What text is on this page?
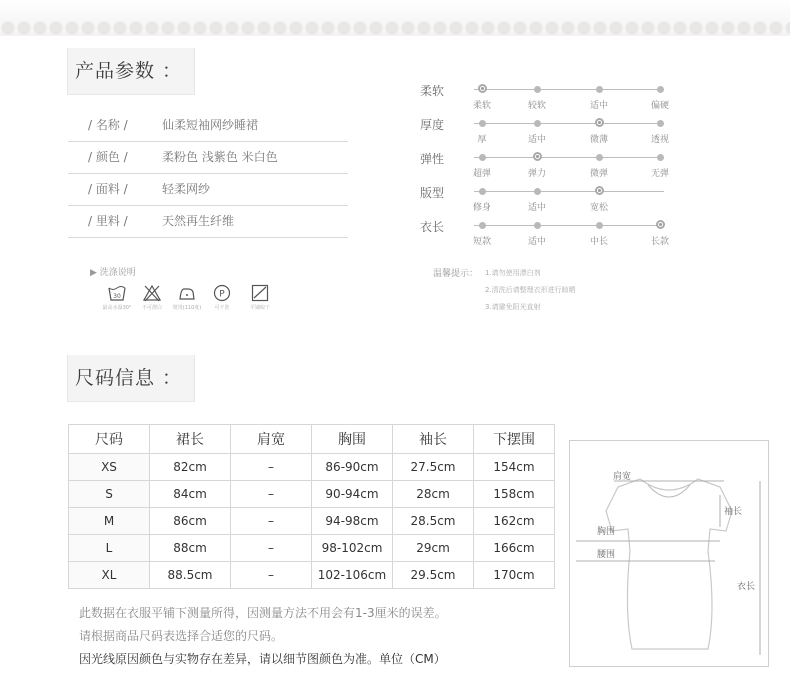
产品参数 ：
/ 名称 /	仙柔短袖网纱睡裙
/ 颜色 /	柔粉色 浅紫色 米白色
/ 面料 /	轻柔网纱
/ 里料 /	天然再生纤维
柔软
柔软	较软	适中	偏硬
厚度
厚	适中	微薄	透视
弹性
超弹	弹力	微弹	无弹
版型
修身	适中	宽松
衣长
短款	适中	中长	长款
▶ 洗涤说明
30
最高水温30° 不可漂白 熨烫(110度)
P
可干洗	平铺晾干
温馨提示： 1.请勿使用漂白剂
2.清洗后请整理衣形进行晾晒
3.请避免阳光直射
尺码信息 ：
尺码	裙长	肩宽	胸围	袖长	下摆围
XS	82cm	–	86-90cm	27.5cm	154cm
S	84cm	–	90-94cm	28cm	158cm
M	86cm	–	94-98cm	28.5cm	162cm
L	88cm	–	98-102cm	29cm	166cm
XL	88.5cm	–	102-106cm	29.5cm	170cm
此数据在衣服平铺下测量所得，因测量方法不用会有1-3厘米的误差。
请根据商品尺码表选择合适您的尺码。
因光线原因颜色与实物存在差异，请以细节图颜色为准。单位（CM）
肩宽
袖长
胸围
腰围
衣长
